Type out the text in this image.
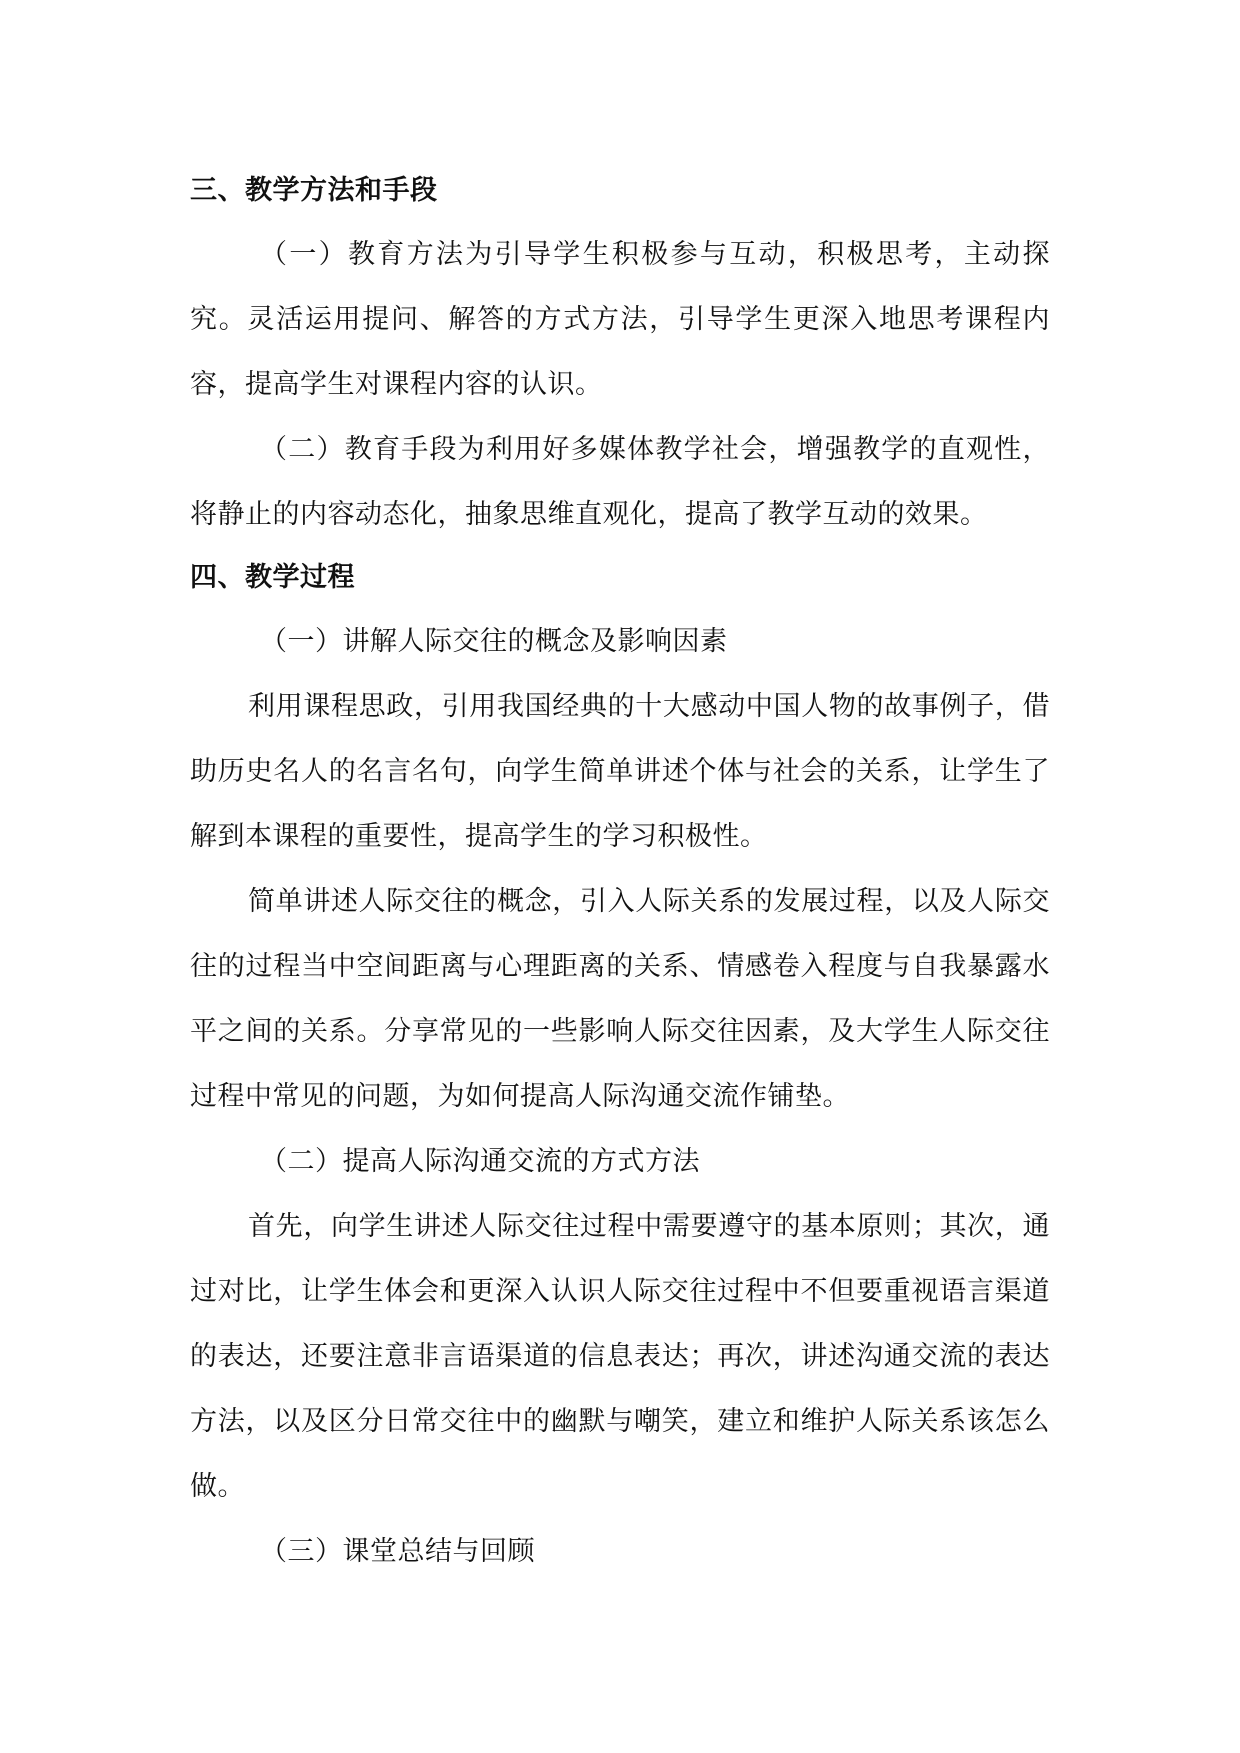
三、教学方法和手段

（一）教育方法为引导学生积极参与互动，积极思考，主动探究。灵活运用提问、解答的方式方法，引导学生更深入地思考课程内容，提高学生对课程内容的认识。

（二）教育手段为利用好多媒体教学社会，增强教学的直观性，将静止的内容动态化，抽象思维直观化，提高了教学互动的效果。

四、教学过程

（一）讲解人际交往的概念及影响因素

利用课程思政，引用我国经典的十大感动中国人物的故事例子，借助历史名人的名言名句，向学生简单讲述个体与社会的关系，让学生了解到本课程的重要性，提高学生的学习积极性。

简单讲述人际交往的概念，引入人际关系的发展过程，以及人际交往的过程当中空间距离与心理距离的关系、情感卷入程度与自我暴露水平之间的关系。分享常见的一些影响人际交往因素，及大学生人际交往过程中常见的问题，为如何提高人际沟通交流作铺垫。

（二）提高人际沟通交流的方式方法

首先，向学生讲述人际交往过程中需要遵守的基本原则；其次，通过对比，让学生体会和更深入认识人际交往过程中不但要重视语言渠道的表达，还要注意非言语渠道的信息表达；再次，讲述沟通交流的表达方法，以及区分日常交往中的幽默与嘲笑，建立和维护人际关系该怎么做。

（三）课堂总结与回顾
